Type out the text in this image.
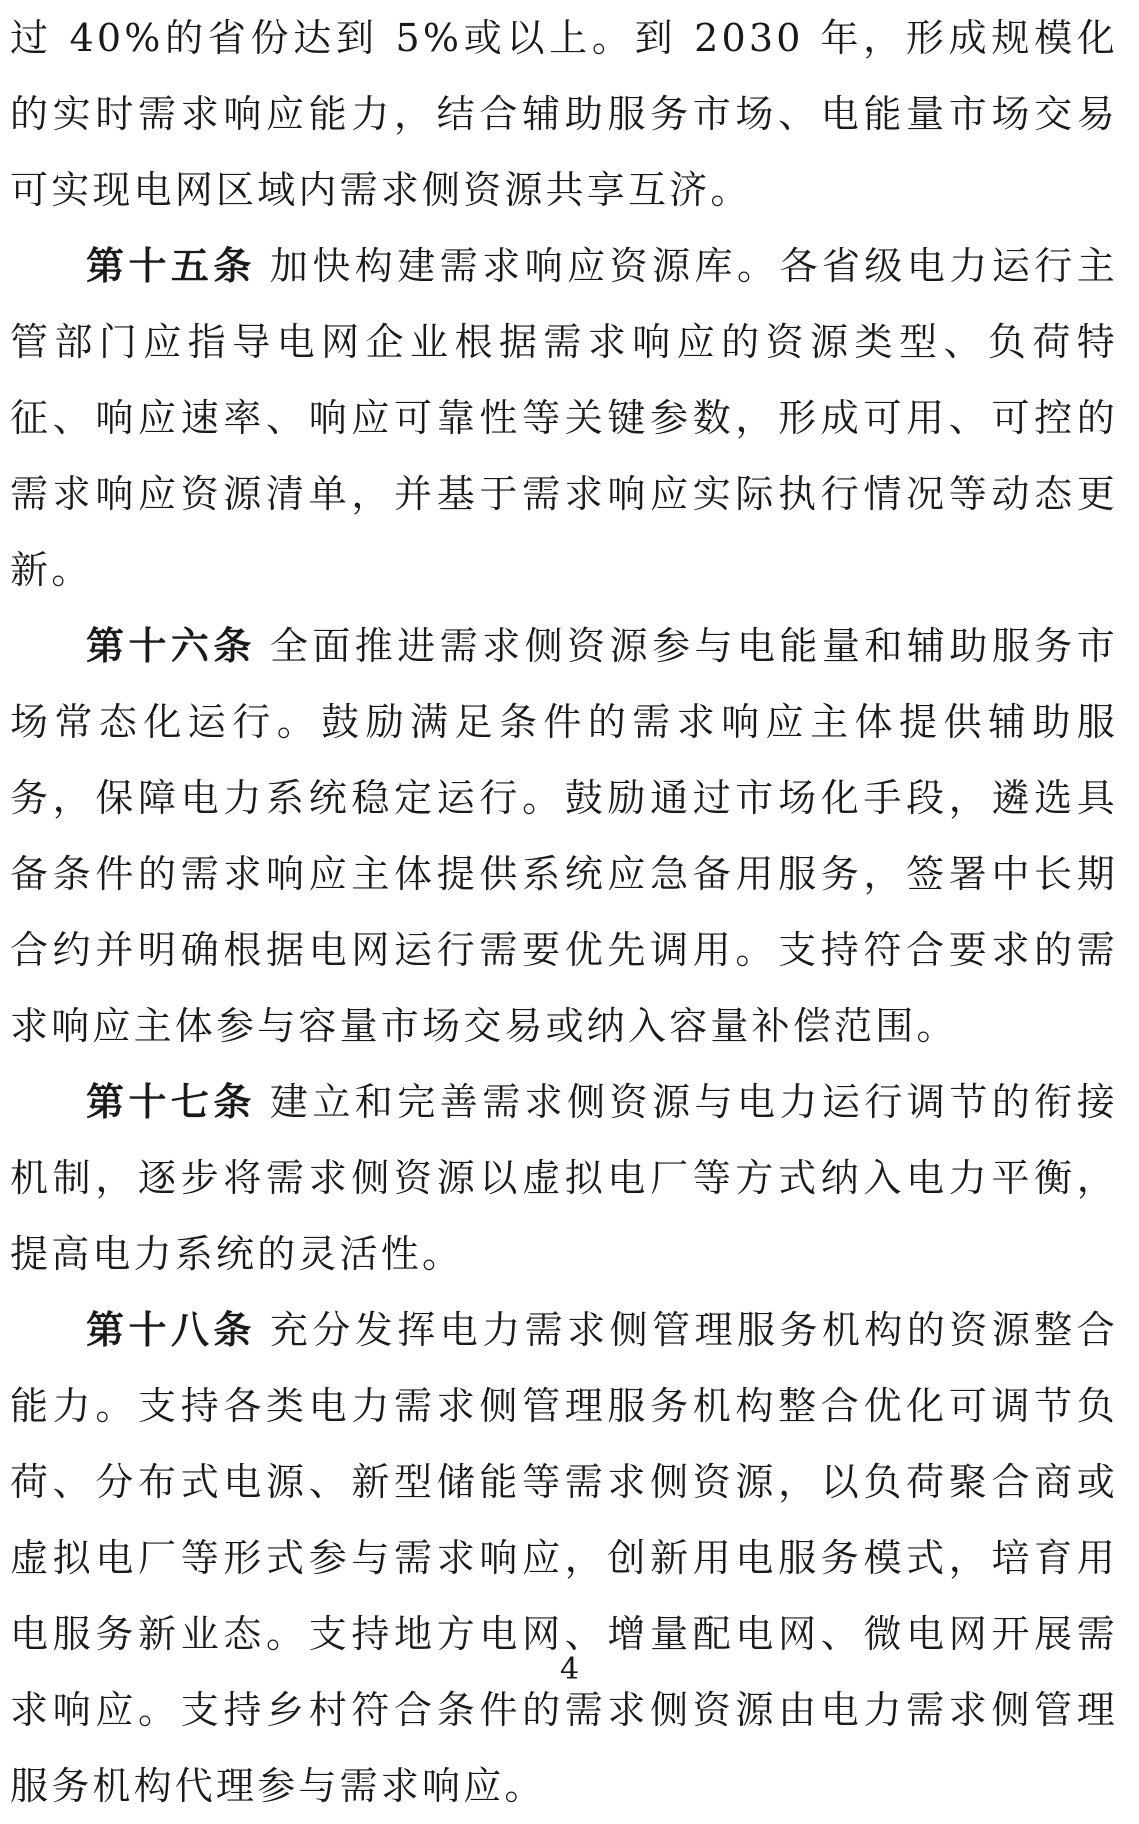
过 40%的省份达到 5%或以上。到 2030 年，形成规模化的实时需求响应能力，结合辅助服务市场、电能量市场交易可实现电网区域内需求侧资源共享互济。

第十五条 加快构建需求响应资源库。各省级电力运行主管部门应指导电网企业根据需求响应的资源类型、负荷特征、响应速率、响应可靠性等关键参数，形成可用、可控的需求响应资源清单，并基于需求响应实际执行情况等动态更新。

第十六条 全面推进需求侧资源参与电能量和辅助服务市场常态化运行。鼓励满足条件的需求响应主体提供辅助服务，保障电力系统稳定运行。鼓励通过市场化手段，遴选具备条件的需求响应主体提供系统应急备用服务，签署中长期合约并明确根据电网运行需要优先调用。支持符合要求的需求响应主体参与容量市场交易或纳入容量补偿范围。

第十七条 建立和完善需求侧资源与电力运行调节的衔接机制，逐步将需求侧资源以虚拟电厂等方式纳入电力平衡，提高电力系统的灵活性。

第十八条 充分发挥电力需求侧管理服务机构的资源整合能力。支持各类电力需求侧管理服务机构整合优化可调节负荷、分布式电源、新型储能等需求侧资源，以负荷聚合商或虚拟电厂等形式参与需求响应，创新用电服务模式，培育用电服务新业态。支持地方电网、增量配电网、微电网开展需求响应。支持乡村符合条件的需求侧资源由电力需求侧管理服务机构代理参与需求响应。

4
